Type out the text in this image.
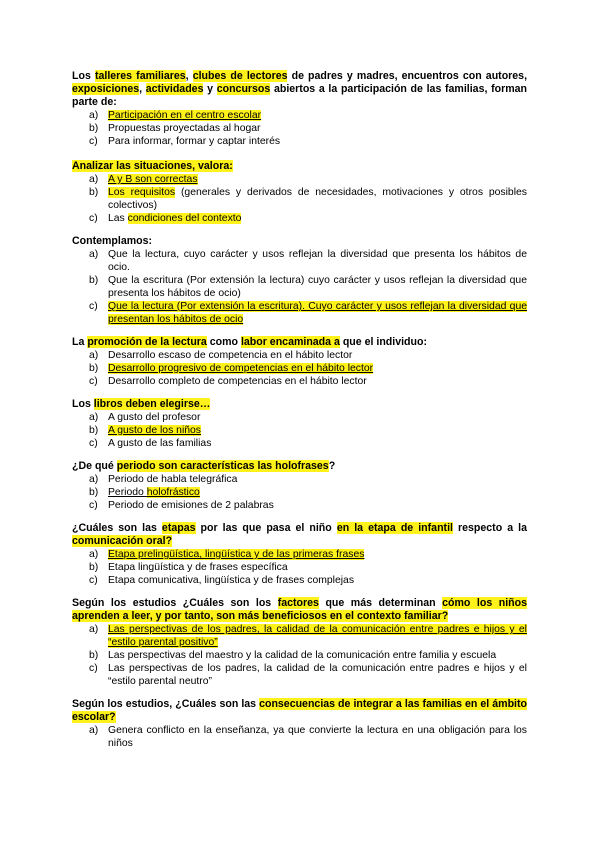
Los talleres familiares, clubes de lectores de padres y madres, encuentros con autores, exposiciones, actividades y concursos abiertos a la participación de las familias, forman parte de:
a) Participación en el centro escolar
b) Propuestas proyectadas al hogar
c) Para informar, formar y captar interés
Analizar las situaciones, valora:
a) A y B son correctas
b) Los requisitos (generales y derivados de necesidades, motivaciones y otros posibles colectivos)
c) Las condiciones del contexto
Contemplamos:
a) Que la lectura, cuyo carácter y usos reflejan la diversidad que presenta los hábitos de ocio.
b) Que la escritura (Por extensión la lectura) cuyo carácter y usos reflejan la diversidad que presenta los hábitos de ocio)
c) Que la lectura (Por extensión la escritura). Cuyo carácter y usos reflejan la diversidad que presentan los hábitos de ocio
La promoción de la lectura como labor encaminada a que el individuo:
a) Desarrollo escaso de competencia en el hábito lector
b) Desarrollo progresivo de competencias en el hábito lector
c) Desarrollo completo de competencias en el hábito lector
Los libros deben elegirse…
a) A gusto del profesor
b) A gusto de los niños
c) A gusto de las familias
¿De qué periodo son características las holofrases?
a) Periodo de habla telegráfica
b) Periodo holofrástico
c) Periodo de emisiones de 2 palabras
¿Cuáles son las etapas por las que pasa el niño en la etapa de infantil respecto a la comunicación oral?
a) Etapa prelingüística, lingüística y de las primeras frases
b) Etapa lingüística y de frases específica
c) Etapa comunicativa, lingüística y de frases complejas
Según los estudios ¿Cuáles son los factores que más determinan cómo los niños aprenden a leer, y por tanto, son más beneficiosos en el contexto familiar?
a) Las perspectivas de los padres, la calidad de la comunicación entre padres e hijos y el “estilo parental positivo”
b) Las perspectivas del maestro y la calidad de la comunicación entre familia y escuela
c) Las perspectivas de los padres, la calidad de la comunicación entre padres e hijos y el “estilo parental neutro”
Según los estudios, ¿Cuáles son las consecuencias de integrar a las familias en el ámbito escolar?
a) Genera conflicto en la enseñanza, ya que convierte la lectura en una obligación para los niños
